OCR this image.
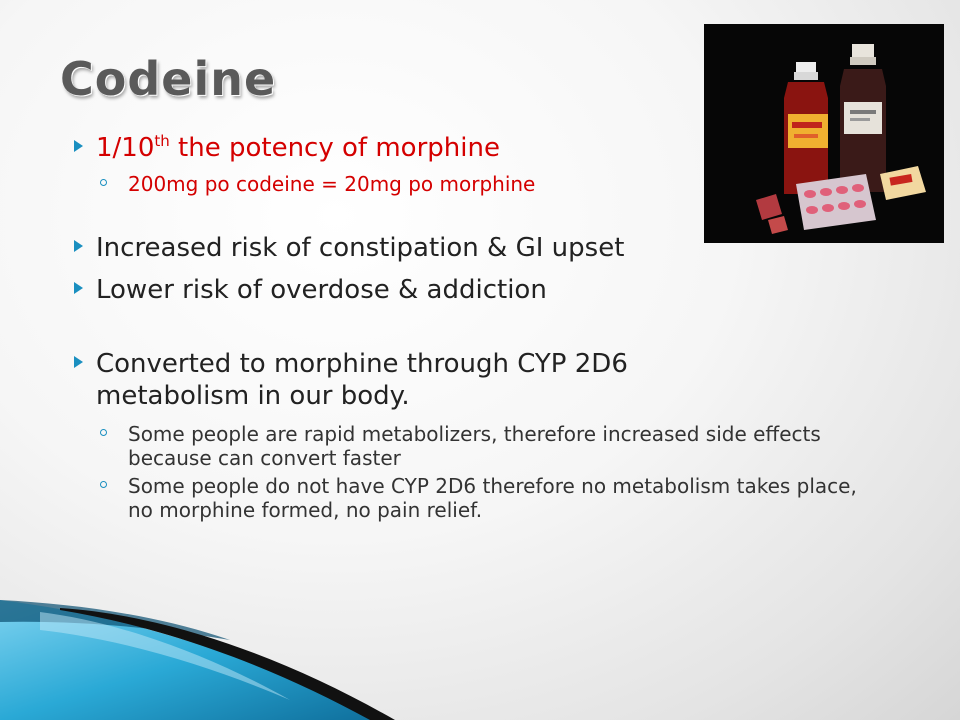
Codeine
1/10th the potency of morphine
200mg po codeine = 20mg po morphine
Increased risk of constipation & GI upset
Lower risk of overdose & addiction
Converted to morphine through CYP 2D6 metabolism in our body.
Some people are rapid metabolizers, therefore increased side effects because can convert faster
Some people do not have CYP 2D6 therefore no metabolism takes place, no morphine formed, no pain relief.
